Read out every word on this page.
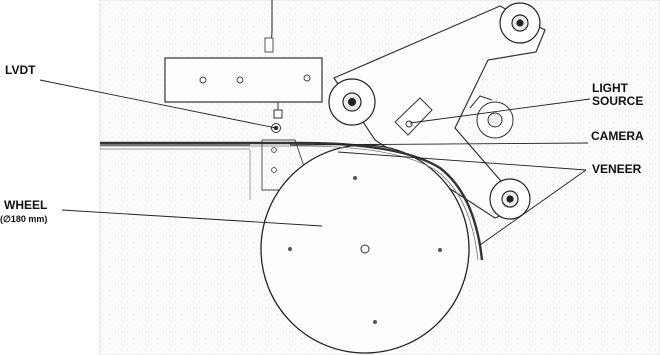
LVDT
LIGHT
SOURCE
CAMERA
VENEER
WHEEL
(∅180 mm)
